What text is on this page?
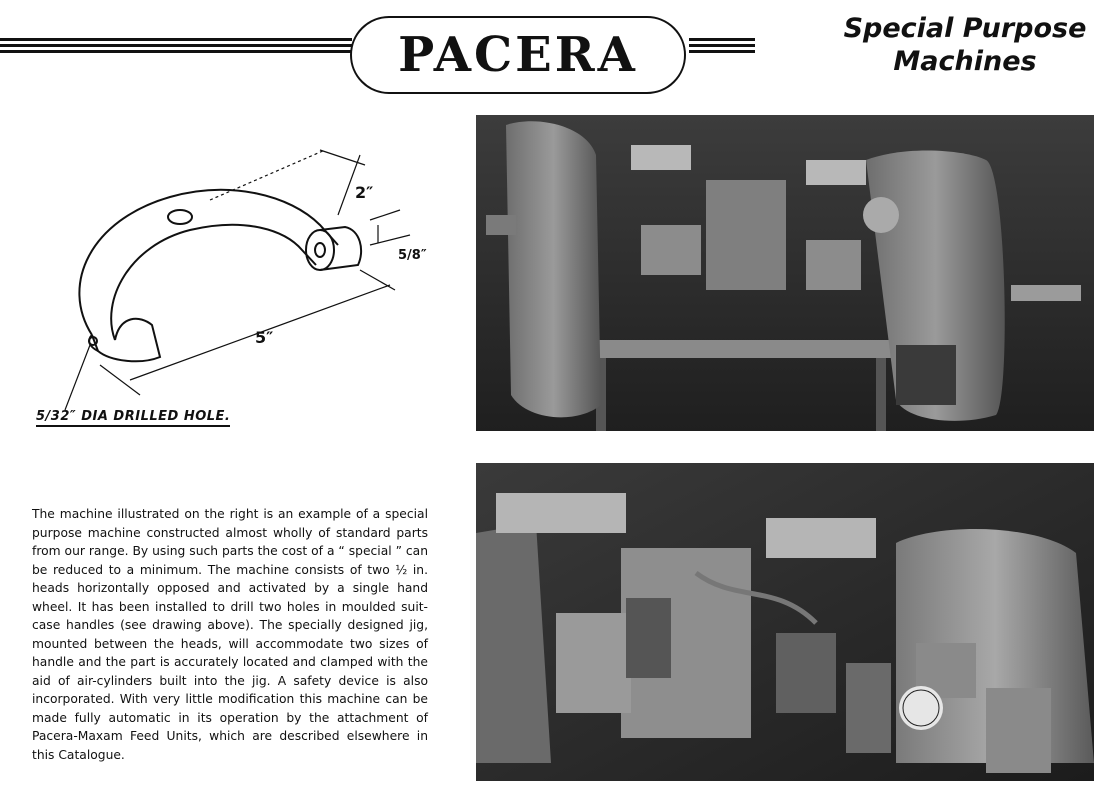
PACERA	Special Purpose
Machines
2″
5/8″
5″
5/32″ DIA DRILLED HOLE.
The machine illustrated on the right is an example of a special purpose machine constructed almost wholly of standard parts from our range. By using such parts the cost of a “ special ” can be reduced to a minimum. The machine consists of two ½ in. heads horizontally opposed and activated by a single hand wheel. It has been installed to drill two holes in moulded suit-case handles (see drawing above). The specially designed jig, mounted between the heads, will accommodate two sizes of handle and the part is accurately located and clamped with the aid of air-cylinders built into the jig. A safety device is also incorporated. With very little modification this machine can be made fully automatic in its operation by the attachment of Pacera-Maxam Feed Units, which are described elsewhere in this Catalogue.
